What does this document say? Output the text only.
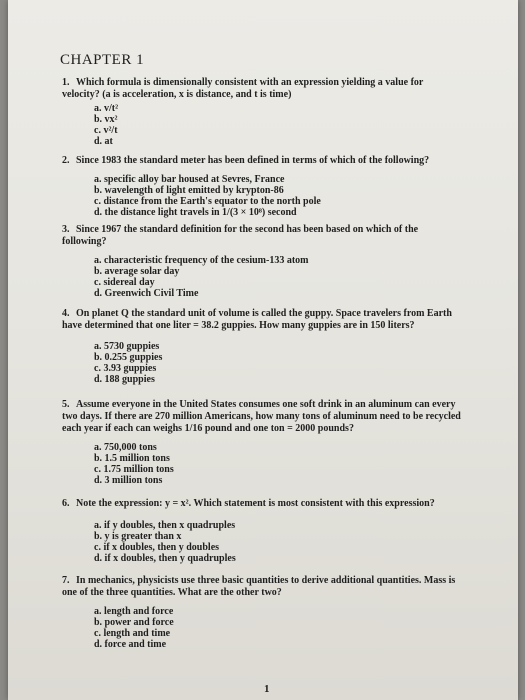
CHAPTER 1
1. Which formula is dimensionally consistent with an expression yielding a value for velocity? (a is acceleration, x is distance, and t is time)
a. v/t²
b. vx²
c. v²/t
d. at
2. Since 1983 the standard meter has been defined in terms of which of the following?
a. specific alloy bar housed at Sevres, France
b. wavelength of light emitted by krypton-86
c. distance from the Earth's equator to the north pole
d. the distance light travels in 1/(3 × 10⁸) second
3. Since 1967 the standard definition for the second has been based on which of the following?
a. characteristic frequency of the cesium-133 atom
b. average solar day
c. sidereal day
d. Greenwich Civil Time
4. On planet Q the standard unit of volume is called the guppy. Space travelers from Earth have determined that one liter = 38.2 guppies. How many guppies are in 150 liters?
a. 5730 guppies
b. 0.255 guppies
c. 3.93 guppies
d. 188 guppies
5. Assume everyone in the United States consumes one soft drink in an aluminum can every two days. If there are 270 million Americans, how many tons of aluminum need to be recycled each year if each can weighs 1/16 pound and one ton = 2000 pounds?
a. 750,000 tons
b. 1.5 million tons
c. 1.75 million tons
d. 3 million tons
6. Note the expression: y = x². Which statement is most consistent with this expression?
a. if y doubles, then x quadruples
b. y is greater than x
c. if x doubles, then y doubles
d. if x doubles, then y quadruples
7. In mechanics, physicists use three basic quantities to derive additional quantities. Mass is one of the three quantities. What are the other two?
a. length and force
b. power and force
c. length and time
d. force and time
1
